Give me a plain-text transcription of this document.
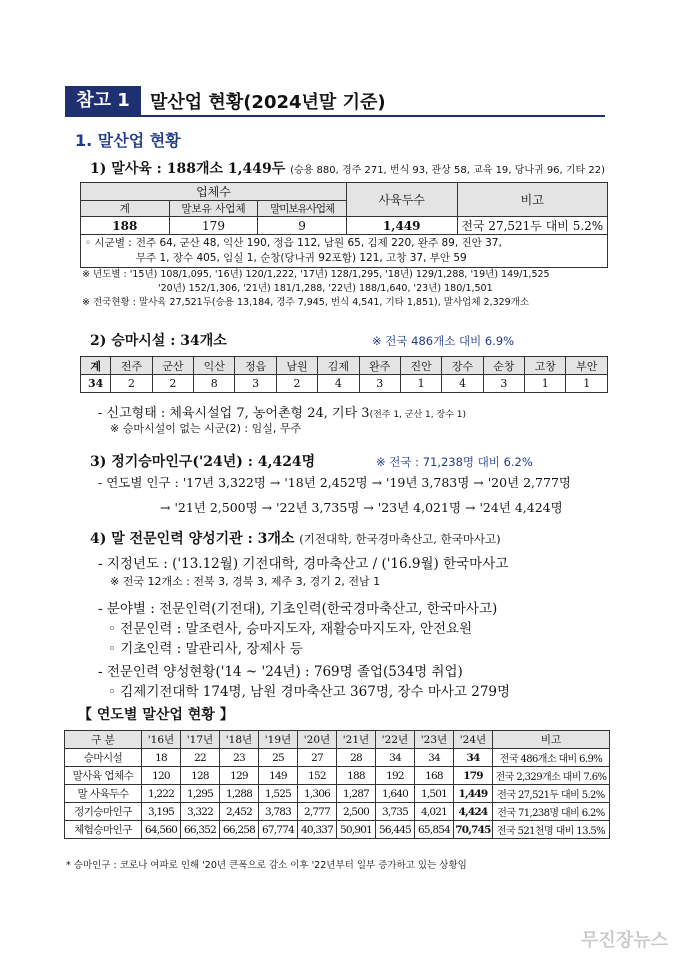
참고 1	말산업 현황(2024년말 기준)
1. 말산업 현황
1) 말사육 : 188개소 1,449두 (승용 880, 경주 271, 번식 93, 관상 58, 교육 19, 당나귀 96, 기타 22)
업체수			사육두수	비고
계	말보유 사업체	말미보유사업체		
188	179	9	1,449	전국 27,521두 대비 5.2%

◦ 시군별 : 전주 64, 군산 48, 익산 190, 정읍 112, 남원 65, 김제 220, 완주 89, 진안 37,
무주 1, 장수 405, 임실 1, 순창(당나귀 92포함) 121, 고창 37, 부안 59				
※ 년도별 : '15년) 108/1,095, '16년) 120/1,222, '17년) 128/1,295, '18년) 129/1,288, '19년) 149/1,525
'20년) 152/1,306, '21년) 181/1,288, '22년) 188/1,640, '23년) 180/1,501
※ 전국현황 : 말사육 27,521두(승용 13,184, 경주 7,945, 번식 4,541, 기타 1,851), 말사업체 2,329개소
2) 승마시설 : 34개소	※ 전국 486개소 대비 6.9%
계	전주	군산	익산	정읍	남원	김제	완주	진안	장수	순창	고창	부안
34	2	2	8	3	2	4	3	1	4	3	1	1
- 신고형태 : 체육시설업 7, 농어촌형 24, 기타 3(전주 1, 군산 1, 장수 1)
※ 승마시설이 없는 시군(2) : 임실, 무주
3) 정기승마인구('24년) : 4,424명	※ 전국 : 71,238명 대비 6.2%
- 연도별 인구 : '17년 3,322명 → '18년 2,452명 → '19년 3,783명 → '20년 2,777명
→ '21년 2,500명 → '22년 3,735명 → '23년 4,021명 → '24년 4,424명
4) 말 전문인력 양성기관 : 3개소 (기전대학, 한국경마축산고, 한국마사고)
- 지정년도 : ('13.12월) 기전대학, 경마축산고 / ('16.9월) 한국마사고
※ 전국 12개소 : 전북 3, 경북 3, 제주 3, 경기 2, 전남 1
- 분야별 : 전문인력(기전대), 기초인력(한국경마축산고, 한국마사고)
◦ 전문인력 : 말조련사, 승마지도자, 재활승마지도자, 안전요원
◦ 기초인력 : 말관리사, 장제사 등
- 전문인력 양성현황('14 ~ '24년) : 769명 졸업(534명 취업)
◦ 김제기전대학 174명, 남원 경마축산고 367명, 장수 마사고 279명
【 연도별 말산업 현황 】
구 분	'16년	'17년	'18년	'19년	'20년	'21년	'22년	'23년	'24년	비고
승마시설	18	22	23	25	27	28	34	34	34	전국 486개소 대비 6.9%
말사육 업체수	120	128	129	149	152	188	192	168	179	전국 2,329개소 대비 7.6%
말 사육두수	1,222	1,295	1,288	1,525	1,306	1,287	1,640	1,501	1,449	전국 27,521두 대비 5.2%
정기승마인구	3,195	3,322	2,452	3,783	2,777	2,500	3,735	4,021	4,424	전국 71,238명 대비 6.2%
체험승마인구	64,560	66,352	66,258	67,774	40,337	50,901	56,445	65,854	70,745	전국 521천명 대비 13.5%
* 승마인구 : 코로나 여파로 인해 '20년 큰폭으로 감소 이후 '22년부터 일부 증가하고 있는 상황임
무진장뉴스
